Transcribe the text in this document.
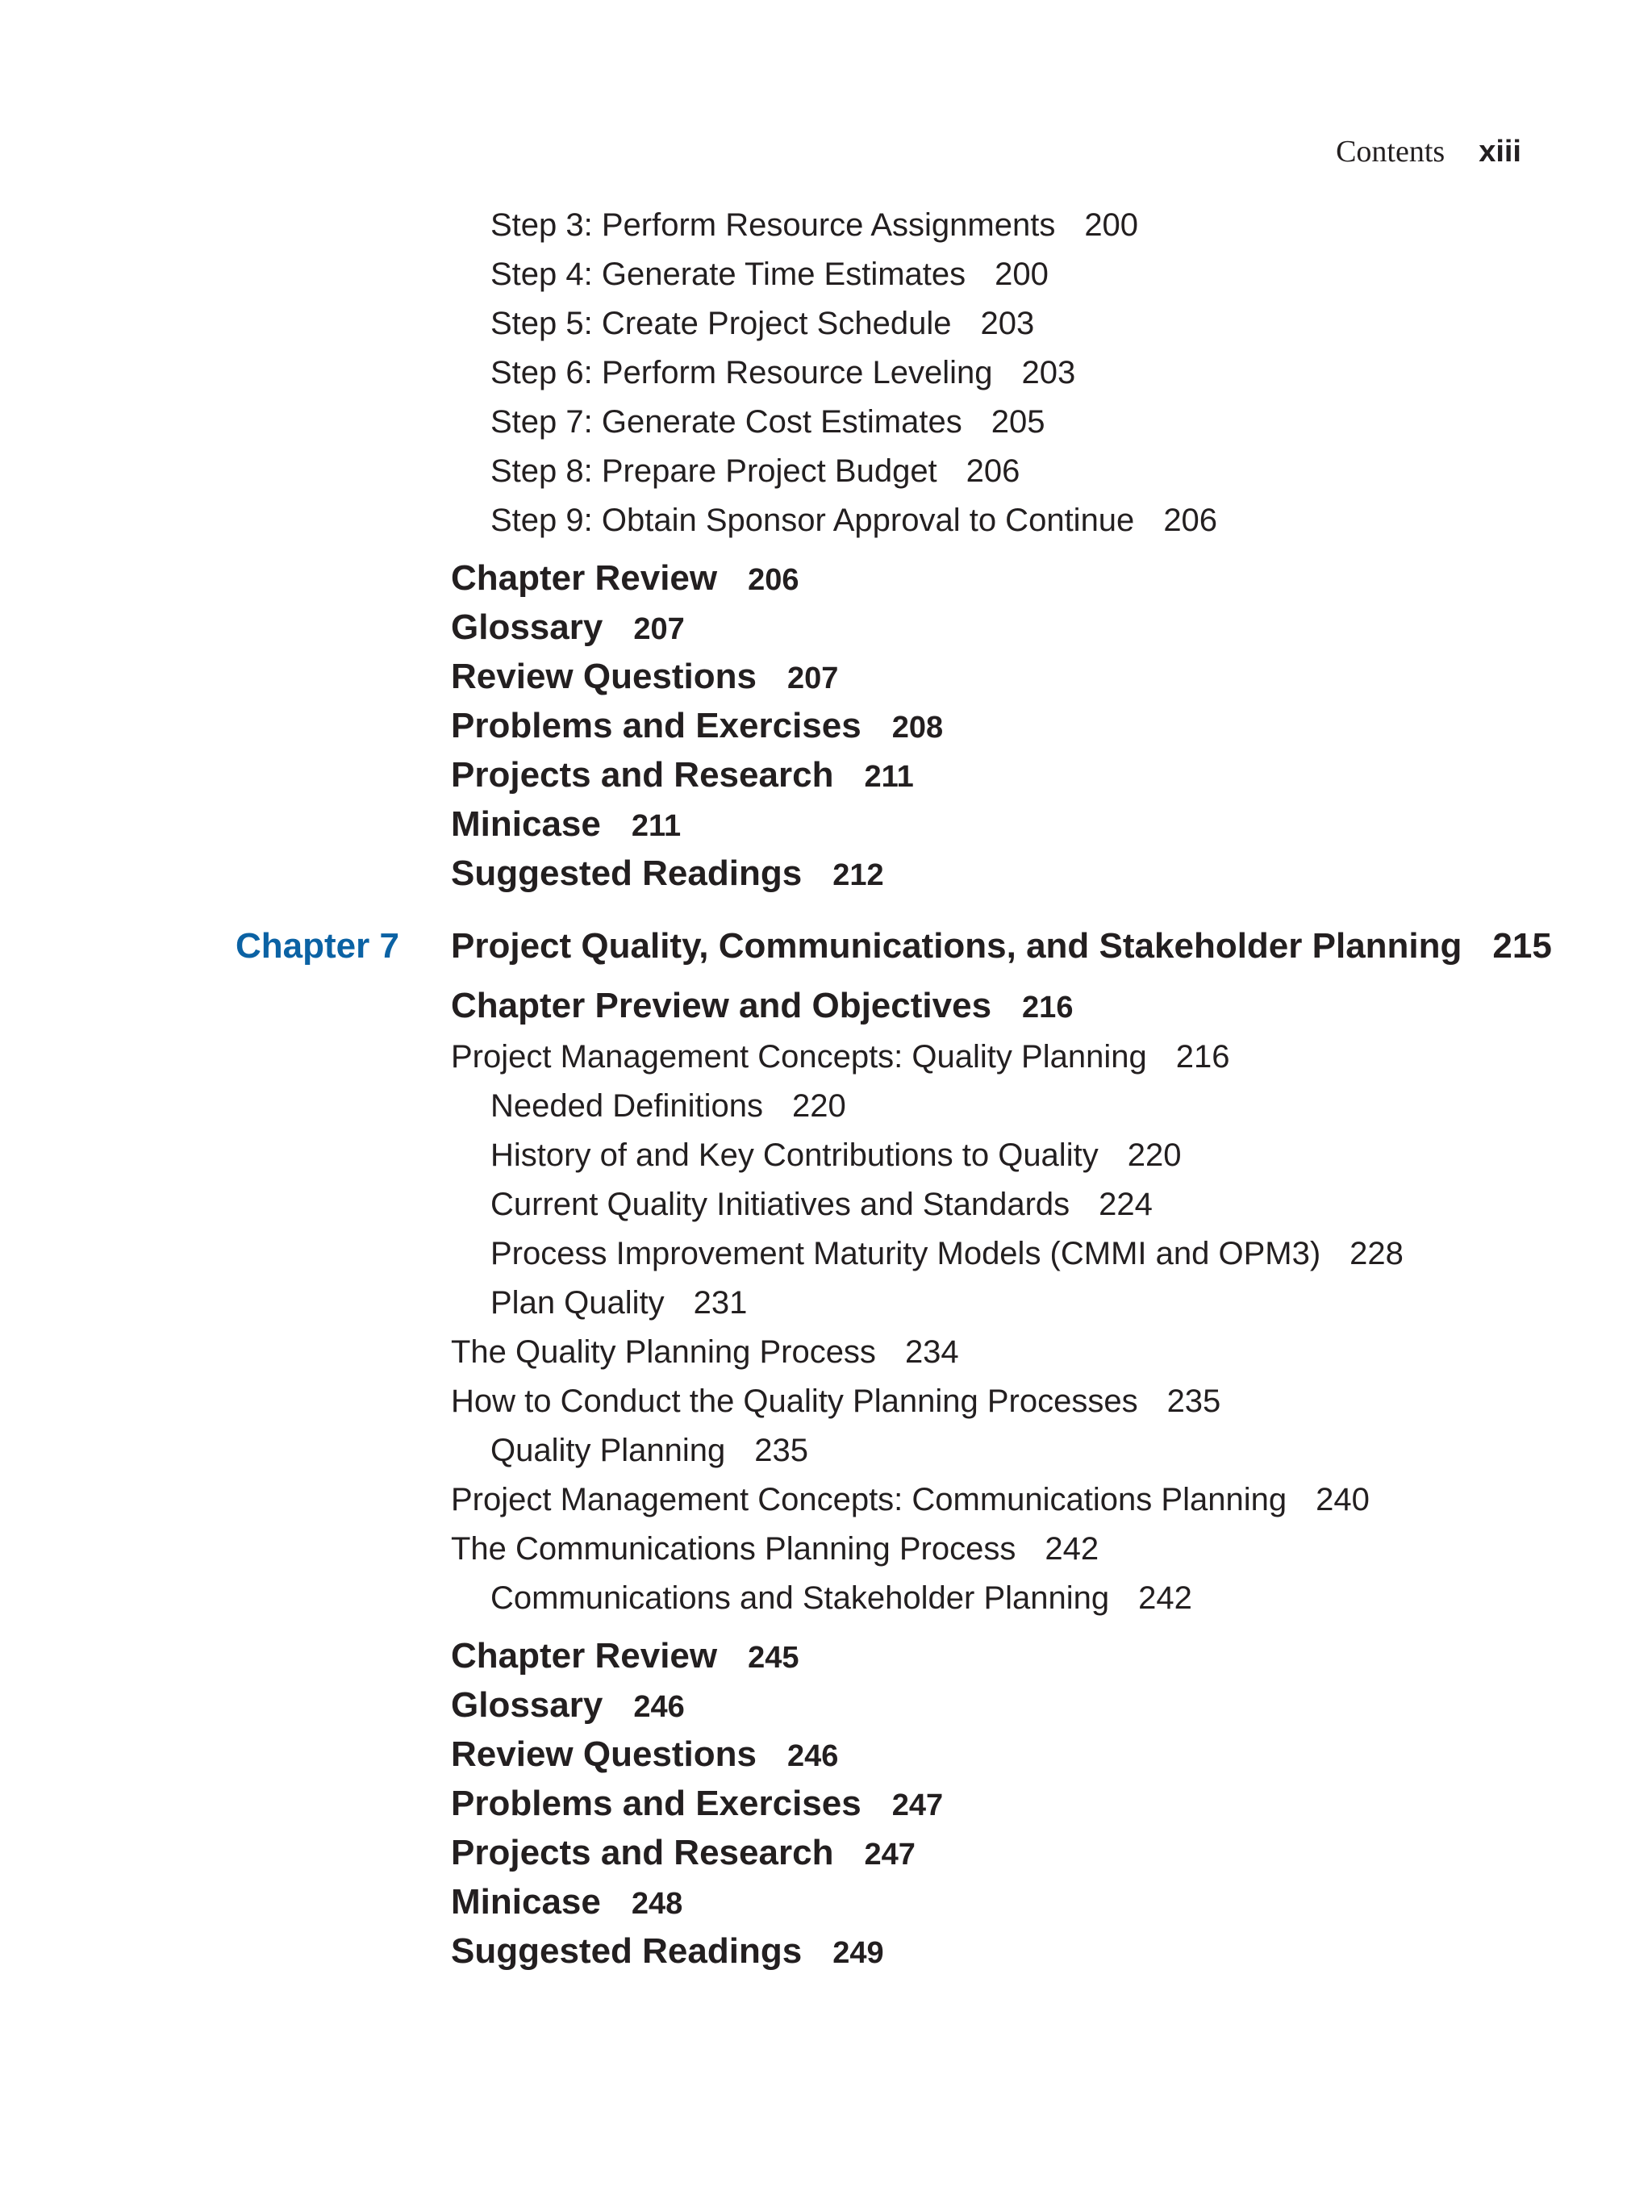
Contents xiii
Step 3: Perform Resource Assignments 200
Step 4: Generate Time Estimates 200
Step 5: Create Project Schedule 203
Step 6: Perform Resource Leveling 203
Step 7: Generate Cost Estimates 205
Step 8: Prepare Project Budget 206
Step 9: Obtain Sponsor Approval to Continue 206
Chapter Review 206
Glossary 207
Review Questions 207
Problems and Exercises 208
Projects and Research 211
Minicase 211
Suggested Readings 212
Chapter 7 Project Quality, Communications, and Stakeholder Planning 215
Chapter Preview and Objectives 216
Project Management Concepts: Quality Planning 216
Needed Definitions 220
History of and Key Contributions to Quality 220
Current Quality Initiatives and Standards 224
Process Improvement Maturity Models (CMMI and OPM3) 228
Plan Quality 231
The Quality Planning Process 234
How to Conduct the Quality Planning Processes 235
Quality Planning 235
Project Management Concepts: Communications Planning 240
The Communications Planning Process 242
Communications and Stakeholder Planning 242
Chapter Review 245
Glossary 246
Review Questions 246
Problems and Exercises 247
Projects and Research 247
Minicase 248
Suggested Readings 249
